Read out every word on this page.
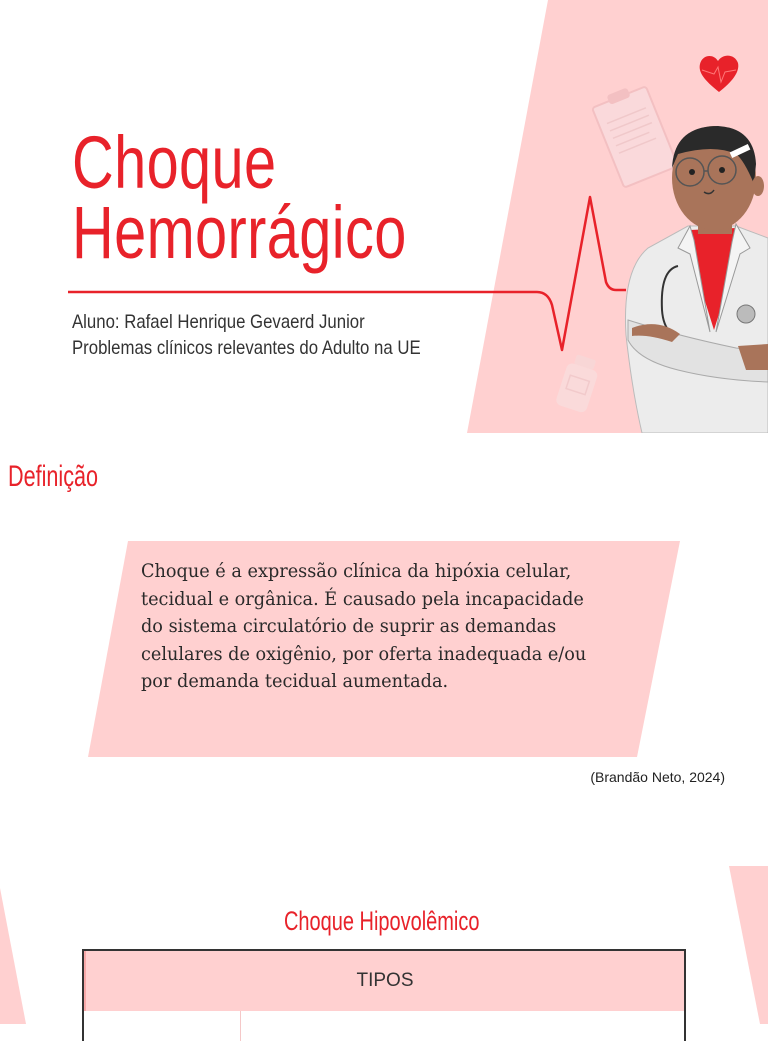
Choque
Hemorrágico
Aluno: Rafael Henrique Gevaerd Junior
Problemas clínicos relevantes do Adulto na UE
Definição
Choque é a expressão clínica da hipóxia celular, tecidual e orgânica. É causado pela incapacidade do sistema circulatório de suprir as demandas celulares de oxigênio, por oferta inadequada e/ou por demanda tecidual aumentada.
(Brandão Neto, 2024)
Choque Hipovolêmico
TIPOS
